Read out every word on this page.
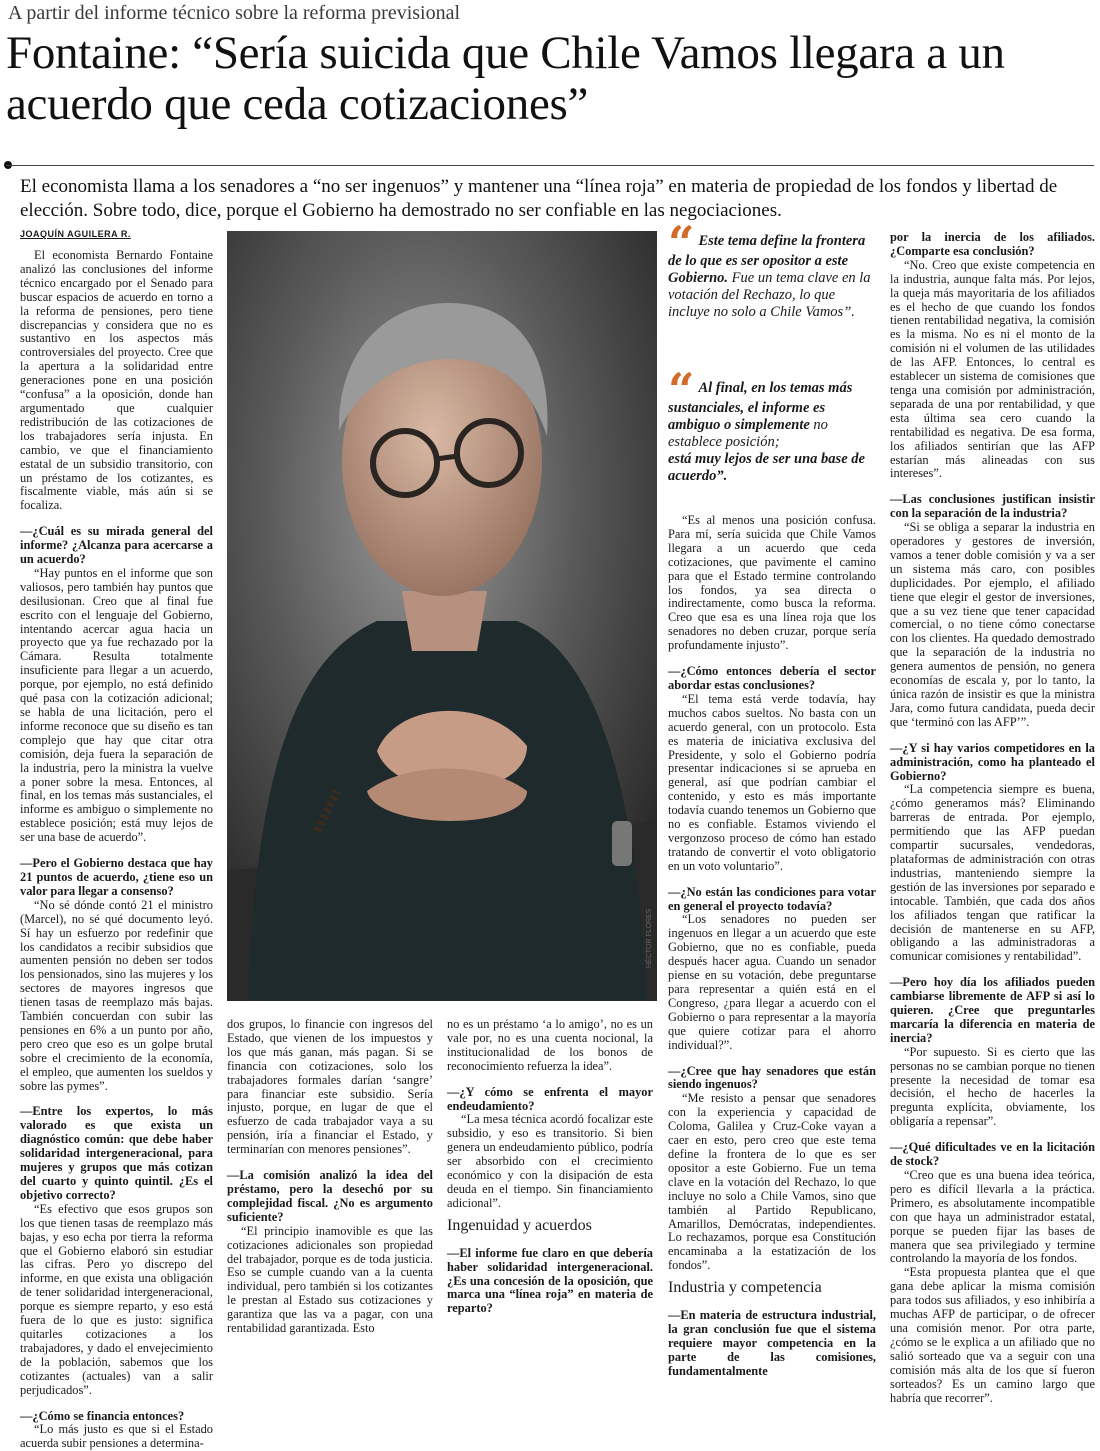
A partir del informe técnico sobre la reforma previsional
Fontaine: “Sería suicida que Chile Vamos llegara a un acuerdo que ceda cotizaciones”

El economista llama a los senadores a “no ser ingenuos” y mantener una “línea roja” en materia de propiedad de los fondos y libertad de elección. Sobre todo, dice, porque el Gobierno ha demostrado no ser confiable en las negociaciones.

JOAQUÍN AGUILERA R.

El economista Bernardo Fontaine analizó las conclusiones del informe técnico encargado por el Senado para buscar espacios de acuerdo en torno a la reforma de pensiones, pero tiene discrepancias y considera que no es sustantivo en los aspectos más controversiales del proyecto. Cree que la apertura a la solidaridad entre generaciones pone en una posición “confusa” a la oposición, donde han argumentado que cualquier redistribución de las cotizaciones de los trabajadores sería injusta. En cambio, ve que el financiamiento estatal de un subsidio transitorio, con un préstamo de los cotizantes, es fiscalmente viable, más aún si se focaliza.

—¿Cuál es su mirada general del informe? ¿Alcanza para acercarse a un acuerdo?

“Hay puntos en el informe que son valiosos, pero también hay puntos que desilusionan. Creo que al final fue escrito con el lenguaje del Gobierno, intentando acercar agua hacia un proyecto que ya fue rechazado por la Cámara. Resulta totalmente insuficiente para llegar a un acuerdo, porque, por ejemplo, no está definido qué pasa con la cotización adicional; se habla de una licitación, pero el informe reconoce que su diseño es tan complejo que hay que citar otra comisión, deja fuera la separación de la industria, pero la ministra la vuelve a poner sobre la mesa. Entonces, al final, en los temas más sustanciales, el informe es ambiguo o simplemente no establece posición; está muy lejos de ser una base de acuerdo”.

—Pero el Gobierno destaca que hay 21 puntos de acuerdo, ¿tiene eso un valor para llegar a consenso?

“No sé dónde contó 21 el ministro (Marcel), no sé qué documento leyó. Sí hay un esfuerzo por redefinir que los candidatos a recibir subsidios que aumenten pensión no deben ser todos los pensionados, sino las mujeres y los sectores de mayores ingresos que tienen tasas de reemplazo más bajas. También concuerdan con subir las pensiones en 6% a un punto por año, pero creo que eso es un golpe brutal sobre el crecimiento de la economía, el empleo, que aumenten los sueldos y sobre las pymes”.

—Entre los expertos, lo más valorado es que exista un diagnóstico común: que debe haber solidaridad intergeneracional, para mujeres y grupos que más cotizan del cuarto y quinto quintil. ¿Es el objetivo correcto?

“Es efectivo que esos grupos son los que tienen tasas de reemplazo más bajas, y eso echa por tierra la reforma que el Gobierno elaboró sin estudiar las cifras. Pero yo discrepo del informe, en que exista una obligación de tener solidaridad intergeneracional, porque es siempre reparto, y eso está fuera de lo que es justo: significa quitarles cotizaciones a los trabajadores, y dado el envejecimiento de la población, sabemos que los cotizantes (actuales) van a salir perjudicados”.

—¿Cómo se financia entonces?

“Lo más justo es que si el Estado acuerda subir pensiones a determina-

HÉCTOR FLORES

“ Este tema define la frontera de lo que es ser opositor a este Gobierno. Fue un tema clave en la votación del Rechazo, lo que incluye no solo a Chile Vamos”.

“ Al final, en los temas más sustanciales, el informe es ambiguo o simplemente no establece posición;
está muy lejos de ser una base de acuerdo”.

dos grupos, lo financie con ingresos del Estado, que vienen de los impuestos y los que más ganan, más pagan. Si se financia con cotizaciones, solo los trabajadores formales darían ‘sangre’ para financiar este subsidio. Sería injusto, porque, en lugar de que el esfuerzo de cada trabajador vaya a su pensión, iría a financiar el Estado, y terminarían con menores pensiones”.

—La comisión analizó la idea del préstamo, pero la desechó por su complejidad fiscal. ¿No es argumento suficiente?

“El principio inamovible es que las cotizaciones adicionales son propiedad del trabajador, porque es de toda justicia. Eso se cumple cuando van a la cuenta individual, pero también si los cotizantes le prestan al Estado sus cotizaciones y garantiza que las va a pagar, con una rentabilidad garantizada. Esto

no es un préstamo ‘a lo amigo’, no es un vale por, no es una cuenta nocional, la institucionalidad de los bonos de reconocimiento refuerza la idea”.

—¿Y cómo se enfrenta el mayor endeudamiento?

“La mesa técnica acordó focalizar este subsidio, y eso es transitorio. Si bien genera un endeudamiento público, podría ser absorbido con el crecimiento económico y con la disipación de esta deuda en el tiempo. Sin financiamiento adicional”.

Ingenuidad y acuerdos

—El informe fue claro en que debería haber solidaridad intergeneracional. ¿Es una concesión de la oposición, que marca una “línea roja” en materia de reparto?

“Es al menos una posición confusa. Para mí, sería suicida que Chile Vamos llegara a un acuerdo que ceda cotizaciones, que pavimente el camino para que el Estado termine controlando los fondos, ya sea directa o indirectamente, como busca la reforma. Creo que esa es una línea roja que los senadores no deben cruzar, porque sería profundamente injusto”.

—¿Cómo entonces debería el sector abordar estas conclusiones?

“El tema está verde todavía, hay muchos cabos sueltos. No basta con un acuerdo general, con un protocolo. Esta es materia de iniciativa exclusiva del Presidente, y solo el Gobierno podría presentar indicaciones si se aprueba en general, así que podrían cambiar el contenido, y esto es más importante todavía cuando tenemos un Gobierno que no es confiable. Estamos viviendo el vergonzoso proceso de cómo han estado tratando de convertir el voto obligatorio en un voto voluntario”.

—¿No están las condiciones para votar en general el proyecto todavía?

“Los senadores no pueden ser ingenuos en llegar a un acuerdo que este Gobierno, que no es confiable, pueda después hacer agua. Cuando un senador piense en su votación, debe preguntarse para representar a quién está en el Congreso, ¿para llegar a acuerdo con el Gobierno o para representar a la mayoría que quiere cotizar para el ahorro individual?”.

—¿Cree que hay senadores que están siendo ingenuos?

“Me resisto a pensar que senadores con la experiencia y capacidad de Coloma, Galilea y Cruz-Coke vayan a caer en esto, pero creo que este tema define la frontera de lo que es ser opositor a este Gobierno. Fue un tema clave en la votación del Rechazo, lo que incluye no solo a Chile Vamos, sino que también al Partido Republicano, Amarillos, Demócratas, independientes. Lo rechazamos, porque esa Constitución encaminaba a la estatización de los fondos”.

Industria y competencia

—En materia de estructura industrial, la gran conclusión fue que el sistema requiere mayor competencia en la parte de las comisiones, fundamentalmente

por la inercia de los afiliados. ¿Comparte esa conclusión?

“No. Creo que existe competencia en la industria, aunque falta más. Por lejos, la queja más mayoritaria de los afiliados es el hecho de que cuando los fondos tienen rentabilidad negativa, la comisión es la misma. No es ni el monto de la comisión ni el volumen de las utilidades de las AFP. Entonces, lo central es establecer un sistema de comisiones que tenga una comisión por administración, separada de una por rentabilidad, y que esta última sea cero cuando la rentabilidad es negativa. De esa forma, los afiliados sentirían que las AFP estarían más alineadas con sus intereses”.

—Las conclusiones justifican insistir con la separación de la industria?

“Si se obliga a separar la industria en operadores y gestores de inversión, vamos a tener doble comisión y va a ser un sistema más caro, con posibles duplicidades. Por ejemplo, el afiliado tiene que elegir el gestor de inversiones, que a su vez tiene que tener capacidad comercial, o no tiene cómo conectarse con los clientes. Ha quedado demostrado que la separación de la industria no genera aumentos de pensión, no genera economías de escala y, por lo tanto, la única razón de insistir es que la ministra Jara, como futura candidata, pueda decir que ‘terminó con las AFP’”.

—¿Y si hay varios competidores en la administración, como ha planteado el Gobierno?

“La competencia siempre es buena, ¿cómo generamos más? Eliminando barreras de entrada. Por ejemplo, permitiendo que las AFP puedan compartir sucursales, vendedoras, plataformas de administración con otras industrias, manteniendo siempre la gestión de las inversiones por separado e intocable. También, que cada dos años los afiliados tengan que ratificar la decisión de mantenerse en su AFP, obligando a las administradoras a comunicar comisiones y rentabilidad”.

—Pero hoy día los afiliados pueden cambiarse libremente de AFP si así lo quieren. ¿Cree que preguntarles marcaría la diferencia en materia de inercia?

“Por supuesto. Si es cierto que las personas no se cambian porque no tienen presente la necesidad de tomar esa decisión, el hecho de hacerles la pregunta explícita, obviamente, los obligaría a repensar”.

—¿Qué dificultades ve en la licitación de stock?

“Creo que es una buena idea teórica, pero es difícil llevarla a la práctica. Primero, es absolutamente incompatible con que haya un administrador estatal, porque se pueden fijar las bases de manera que sea privilegiado y termine controlando la mayoría de los fondos.

“Esta propuesta plantea que el que gana debe aplicar la misma comisión para todos sus afiliados, y eso inhibiría a muchas AFP de participar, o de ofrecer una comisión menor. Por otra parte, ¿cómo se le explica a un afiliado que no salió sorteado que va a seguir con una comisión más alta de los que sí fueron sorteados? Es un camino largo que habría que recorrer”.
